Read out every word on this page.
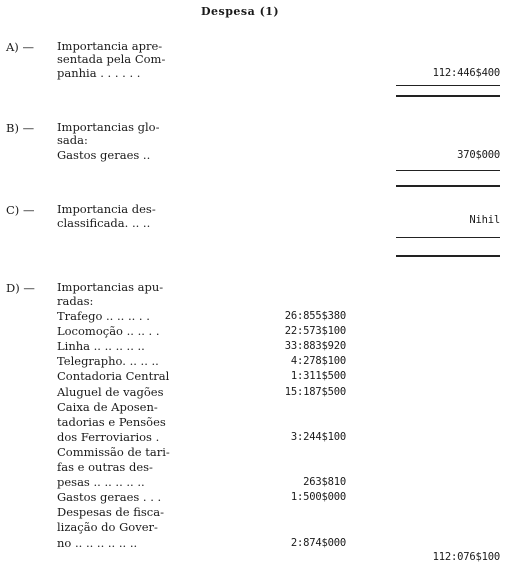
Despesa (1)
A) — Importancia apre-
sentada pela Com-
panhia . . . . . .	112:446$400
B) — Importancias glo-
sada:
Gastos geraes ..	370$000
C) — Importancia des-
classificada. .. ..	Nihil
D) — Importancias apu-
radas:
Trafego .. .. .. . .	26:855$380
Locomoção .. .. . .	22:573$100
Linha .. .. .. .. ..	33:883$920
Telegrapho. .. .. ..	4:278$100
Contadoria Central	1:311$500
Aluguel de vagões	15:187$500
Caixa de Aposen-
tadorias e Pensões
dos Ferroviarios .	3:244$100
Commissão de tari-
fas e outras des-
pesas .. .. .. .. ..	263$810
Gastos geraes . . .	1:500$000
Despesas de fisca-
lização do Gover-
no .. .. .. .. .. ..	2:874$000
112:076$100
